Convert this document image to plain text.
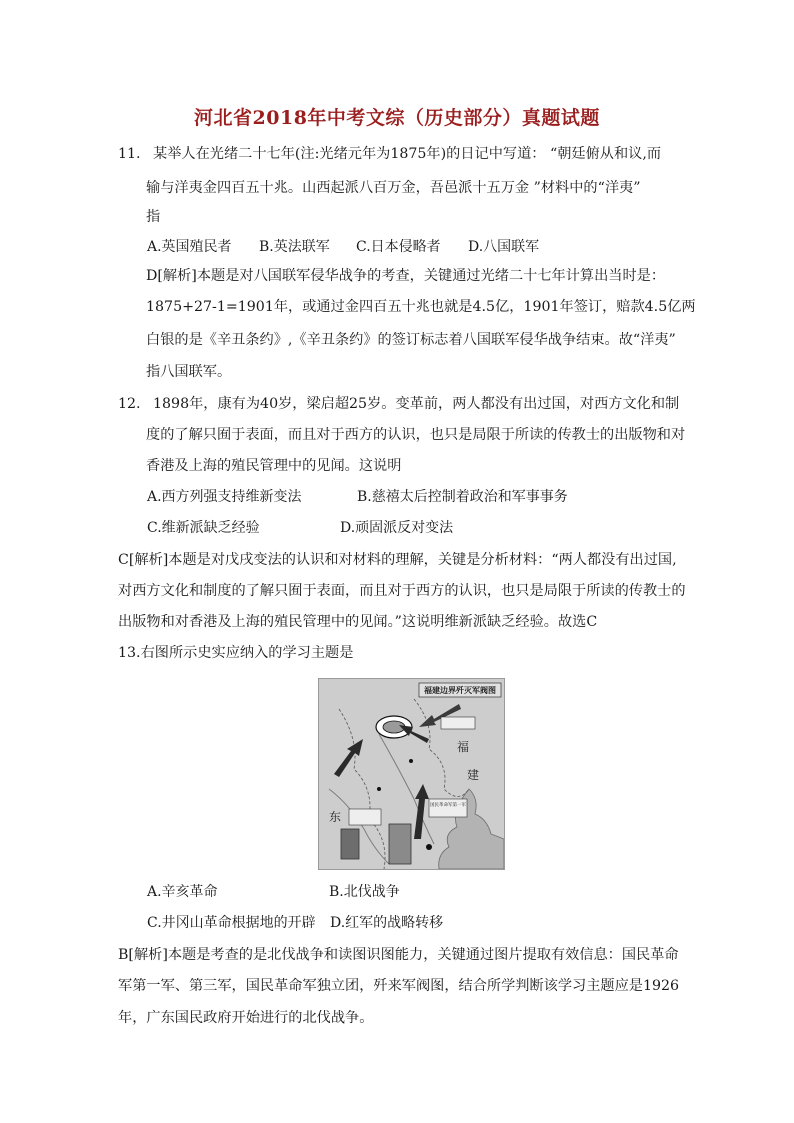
河北省2018年中考文综（历史部分）真题试题
11. 某举人在光绪二十七年(注:光绪元年为1875年)的日记中写道： “朝廷俯从和议,而
输与洋夷金四百五十兆。山西起派八百万金，吾邑派十五万金 ”材料中的“洋夷”
指
A.英国殖民者 B.英法联军 C.日本侵略者 D.八国联军
D[解析]本题是对八国联军侵华战争的考查，关键通过光绪二十七年计算出当时是：
1875+27-1=1901年，或通过金四百五十兆也就是4.5亿，1901年签订，赔款4.5亿两
白银的是《辛丑条约》,《辛丑条约》的签订标志着八国联军侵华战争结束。故“洋夷”
指八国联军。
12. 1898年，康有为40岁，梁启超25岁。变革前，两人都没有出过国，对西方文化和制
度的了解只囿于表面，而且对于西方的认识，也只是局限于所读的传教士的出版物和对
香港及上海的殖民管理中的见闻。这说明
A.西方列强支持维新变法	B.慈禧太后控制着政治和军事事务
C.维新派缺乏经验	D.顽固派反对变法
C[解析]本题是对戊戌变法的认识和对材料的理解，关键是分析材料：“两人都没有出过国,
对西方文化和制度的了解只囿于表面，而且对于西方的认识，也只是局限于所读的传教士的
出版物和对香港及上海的殖民管理中的见闻。”这说明维新派缺乏经验。故选C
13.右图所示史实应纳入的学习主题是
福建边界歼灭军阀图
福
建
东
国民革命军第一军
A.辛亥革命	B.北伐战争
C.井冈山革命根据地的开辟 D.红军的战略转移
B[解析]本题是考查的是北伐战争和读图识图能力，关键通过图片提取有效信息：国民革命
军第一军、第三军，国民革命军独立团，歼来军阀图，结合所学判断该学习主题应是1926
年，广东国民政府开始进行的北伐战争。
